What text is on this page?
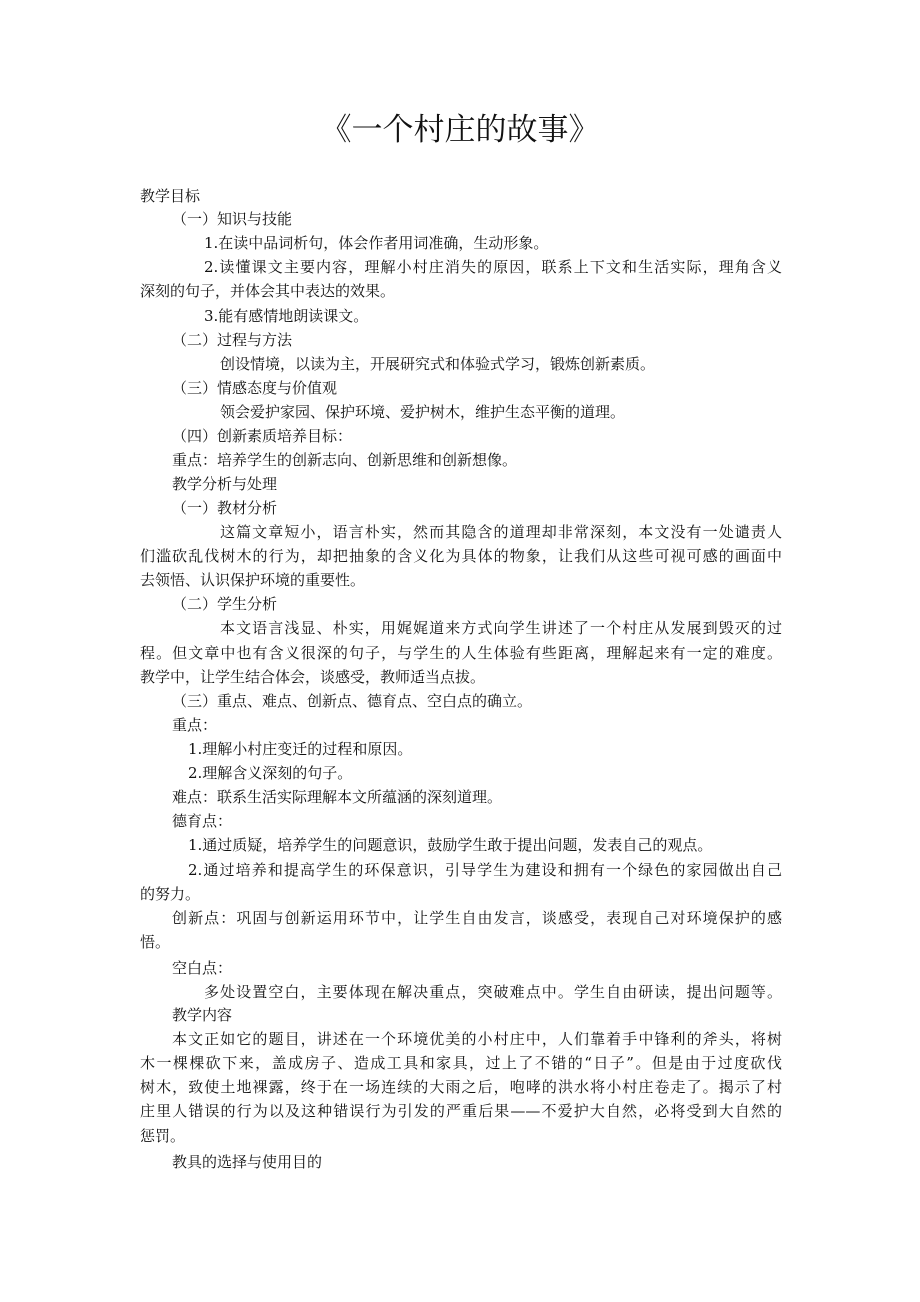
《一个村庄的故事》
教学目标
（一）知识与技能
1.在读中品词析句，体会作者用词准确，生动形象。
2.读懂课文主要内容，理解小村庄消失的原因，联系上下文和生活实际，理角含义
深刻的句子，并体会其中表达的效果。
3.能有感情地朗读课文。
（二）过程与方法
创设情境，以读为主，开展研究式和体验式学习，锻炼创新素质。
（三）情感态度与价值观
领会爱护家园、保护环境、爱护树木，维护生态平衡的道理。
（四）创新素质培养目标：
重点：培养学生的创新志向、创新思维和创新想像。
教学分析与处理
（一）教材分析
这篇文章短小，语言朴实，然而其隐含的道理却非常深刻，本文没有一处谴责人
们滥砍乱伐树木的行为，却把抽象的含义化为具体的物象，让我们从这些可视可感的画面中
去领悟、认识保护环境的重要性。
（二）学生分析
本文语言浅显、朴实，用娓娓道来方式向学生讲述了一个村庄从发展到毁灭的过
程。但文章中也有含义很深的句子，与学生的人生体验有些距离，理解起来有一定的难度。
教学中，让学生结合体会，谈感受，教师适当点拔。
（三）重点、难点、创新点、德育点、空白点的确立。
重点：
1.理解小村庄变迁的过程和原因。
2.理解含义深刻的句子。
难点：联系生活实际理解本文所蕴涵的深刻道理。
德育点：
1.通过质疑，培养学生的问题意识，鼓励学生敢于提出问题，发表自己的观点。
2.通过培养和提高学生的环保意识，引导学生为建设和拥有一个绿色的家园做出自己
的努力。
创新点：巩固与创新运用环节中，让学生自由发言，谈感受，表现自己对环境保护的感
悟。
空白点：
多处设置空白，主要体现在解决重点，突破难点中。学生自由研读，提出问题等。
教学内容
本文正如它的题目，讲述在一个环境优美的小村庄中，人们靠着手中锋利的斧头，将树
木一棵棵砍下来，盖成房子、造成工具和家具，过上了不错的“日子”。但是由于过度砍伐
树木，致使土地裸露，终于在一场连续的大雨之后，咆哮的洪水将小村庄卷走了。揭示了村
庄里人错误的行为以及这种错误行为引发的严重后果——不爱护大自然，必将受到大自然的
惩罚。
教具的选择与使用目的
